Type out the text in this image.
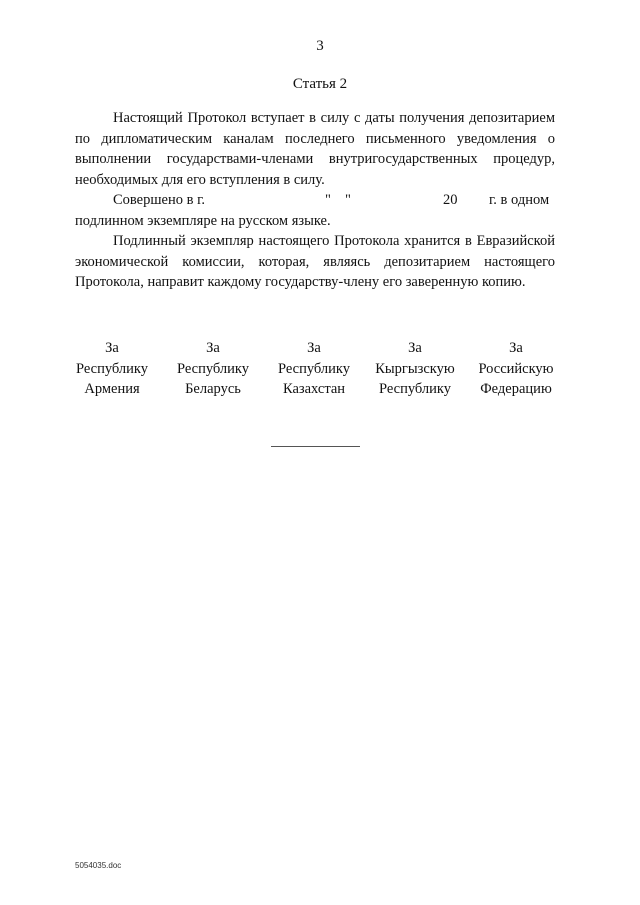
3
Статья 2

Настоящий Протокол вступает в силу с даты получения депозитарием по дипломатическим каналам последнего письменного уведомления о выполнении государствами-членами внутригосударственных процедур, необходимых для его вступления в силу.

Совершено в г.	" "	20 г. в одном

подлинном экземпляре на русском языке.

Подлинный экземпляр настоящего Протокола хранится в Евразийской экономической комиссии, которая, являясь депозитарием настоящего Протокола, направит каждому государству-члену его заверенную копию.

За
Республику
Армения
За
Республику
Беларусь
За
Республику
Казахстан
За
Кыргызскую
Республику
За
Российскую
Федерацию
5054035.doc
